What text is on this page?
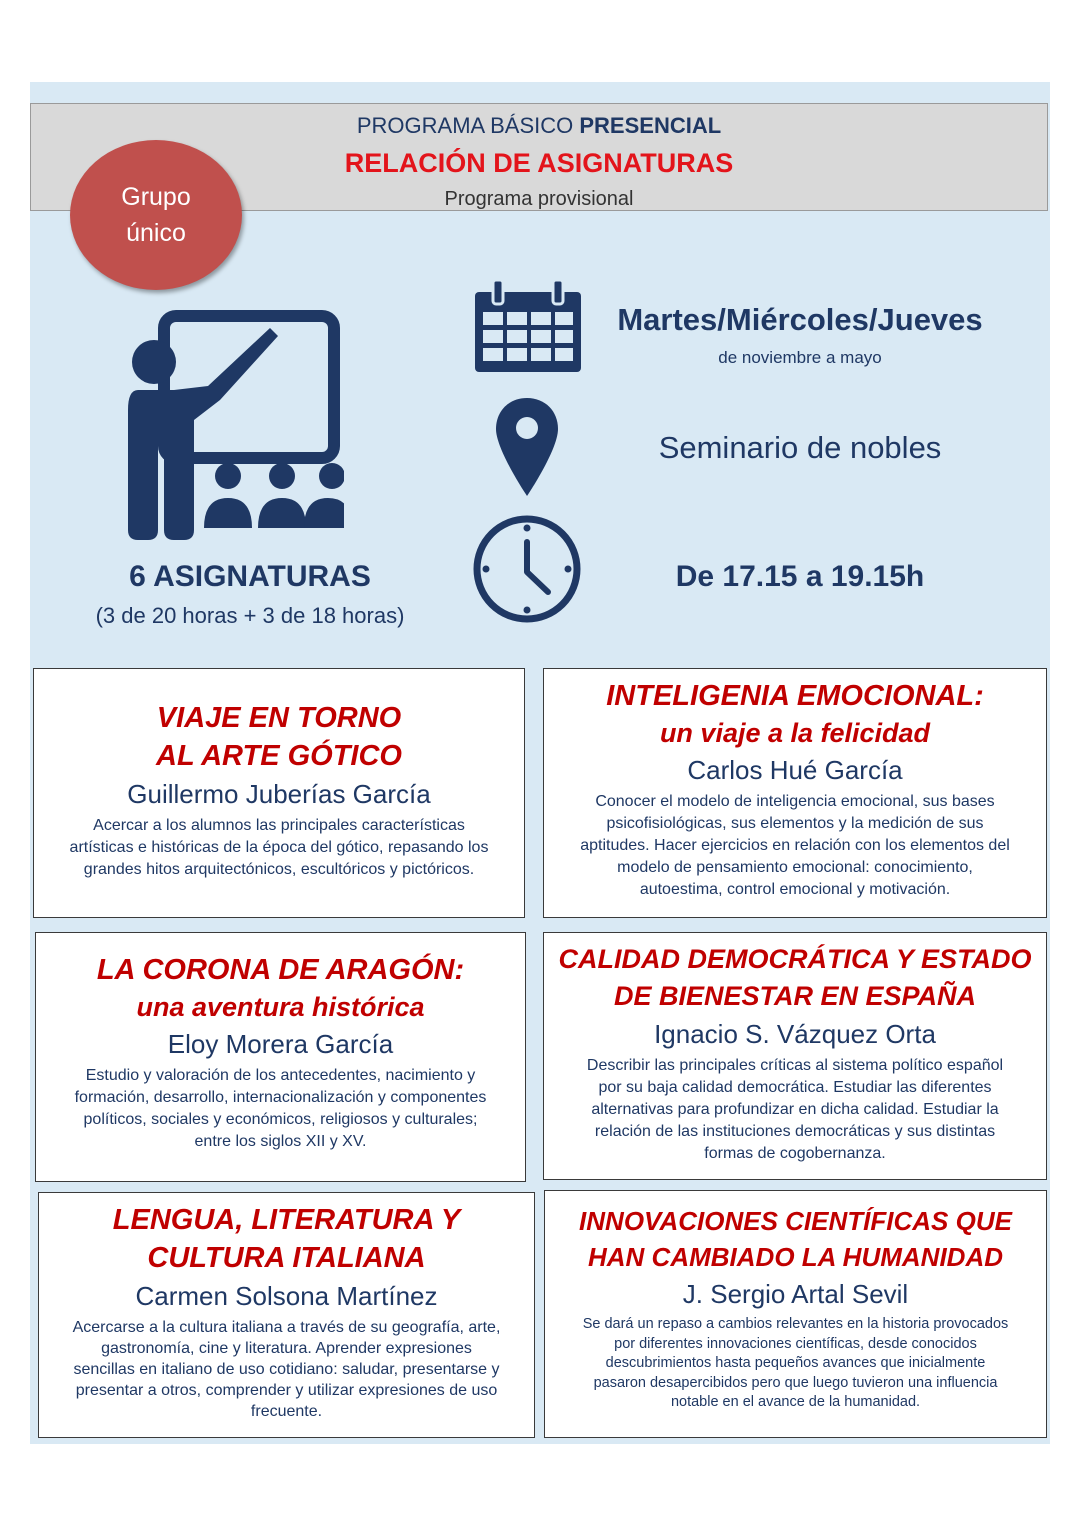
PROGRAMA BÁSICO PRESENCIAL
RELACIÓN DE ASIGNATURAS
Programa provisional
Grupo
único
Martes/Miércoles/Jueves
de noviembre a mayo
Seminario de nobles
De 17.15 a 19.15h
6 ASIGNATURAS
(3 de 20 horas + 3 de 18 horas)
VIAJE EN TORNO
AL ARTE GÓTICO
Guillermo Juberías García
Acercar a los alumnos las principales características
artísticas e históricas de la época del gótico, repasando los
grandes hitos arquitectónicos, escultóricos y pictóricos.
INTELIGENIA EMOCIONAL:
un viaje a la felicidad
Carlos Hué García
Conocer el modelo de inteligencia emocional, sus bases
psicofisiológicas, sus elementos y la medición de sus
aptitudes. Hacer ejercicios en relación con los elementos del
modelo de pensamiento emocional: conocimiento,
autoestima, control emocional y motivación.
LA CORONA DE ARAGÓN:
una aventura histórica
Eloy Morera García
Estudio y valoración de los antecedentes, nacimiento y
formación, desarrollo, internacionalización y componentes
políticos, sociales y económicos, religiosos y culturales;
entre los siglos XII y XV.
CALIDAD DEMOCRÁTICA Y ESTADO
DE BIENESTAR EN ESPAÑA
Ignacio S. Vázquez Orta
Describir las principales críticas al sistema político español
por su baja calidad democrática. Estudiar las diferentes
alternativas para profundizar en dicha calidad. Estudiar la
relación de las instituciones democráticas y sus distintas
formas de cogobernanza.
LENGUA, LITERATURA Y
CULTURA ITALIANA
Carmen Solsona Martínez
Acercarse a la cultura italiana a través de su geografía, arte,
gastronomía, cine y literatura. Aprender expresiones
sencillas en italiano de uso cotidiano: saludar, presentarse y
presentar a otros, comprender y utilizar expresiones de uso
frecuente.
INNOVACIONES CIENTÍFICAS QUE
HAN CAMBIADO LA HUMANIDAD
J. Sergio Artal Sevil
Se dará un repaso a cambios relevantes en la historia provocados
por diferentes innovaciones científicas, desde conocidos
descubrimientos hasta pequeños avances que inicialmente
pasaron desapercibidos pero que luego tuvieron una influencia
notable en el avance de la humanidad.
